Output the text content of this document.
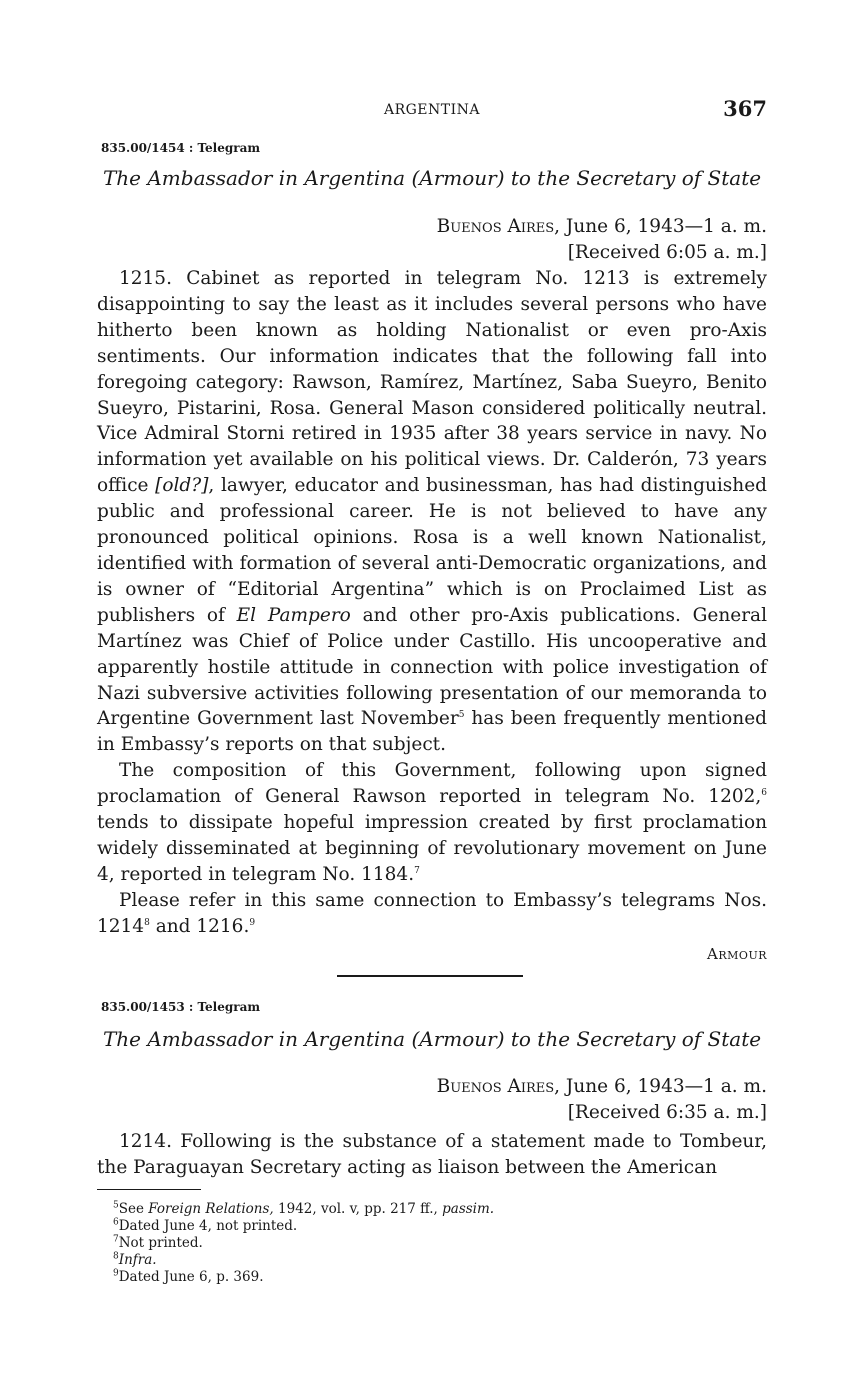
ARGENTINA	367
835.00/1454 : Telegram
The Ambassador in Argentina (Armour) to the Secretary of State
Buenos Aires, June 6, 1943—1 a. m.
[Received 6:05 a. m.]

1215. Cabinet as reported in telegram No. 1213 is extremely disappointing to say the least as it includes several persons who have hitherto been known as holding Nationalist or even pro-Axis sentiments. Our information indicates that the following fall into foregoing category: Rawson, Ramírez, Martínez, Saba Sueyro, Benito Sueyro, Pistarini, Rosa. General Mason considered politically neutral. Vice Admiral Storni retired in 1935 after 38 years service in navy. No information yet available on his political views. Dr. Calderón, 73 years office [old?], lawyer, educator and businessman, has had distinguished public and professional career. He is not believed to have any pronounced political opinions. Rosa is a well known Nationalist, identified with formation of several anti-Democratic organizations, and is owner of “Editorial Argentina” which is on Proclaimed List as publishers of El Pampero and other pro-Axis publications. General Martínez was Chief of Police under Castillo. His uncooperative and apparently hostile attitude in connection with police investigation of Nazi subversive activities following presentation of our memoranda to Argentine Government last November$^5$ has been frequently mentioned in Embassy’s reports on that subject.

The composition of this Government, following upon signed proclamation of General Rawson reported in telegram No. 1202,$^6$ tends to dissipate hopeful impression created by first proclamation widely disseminated at beginning of revolutionary movement on June 4, reported in telegram No. 1184.$^7$

Please refer in this same connection to Embassy’s telegrams Nos. 1214$^8$ and 1216.$^9$

Armour
835.00/1453 : Telegram
The Ambassador in Argentina (Armour) to the Secretary of State
Buenos Aires, June 6, 1943—1 a. m.
[Received 6:35 a. m.]

1214. Following is the substance of a statement made to Tombeur, the Paraguayan Secretary acting as liaison between the American

$^5$See Foreign Relations, 1942, vol. v, pp. 217 ff., passim.
$^6$Dated June 4, not printed.
$^7$Not printed.
$^8$Infra.
$^9$Dated June 6, p. 369.
